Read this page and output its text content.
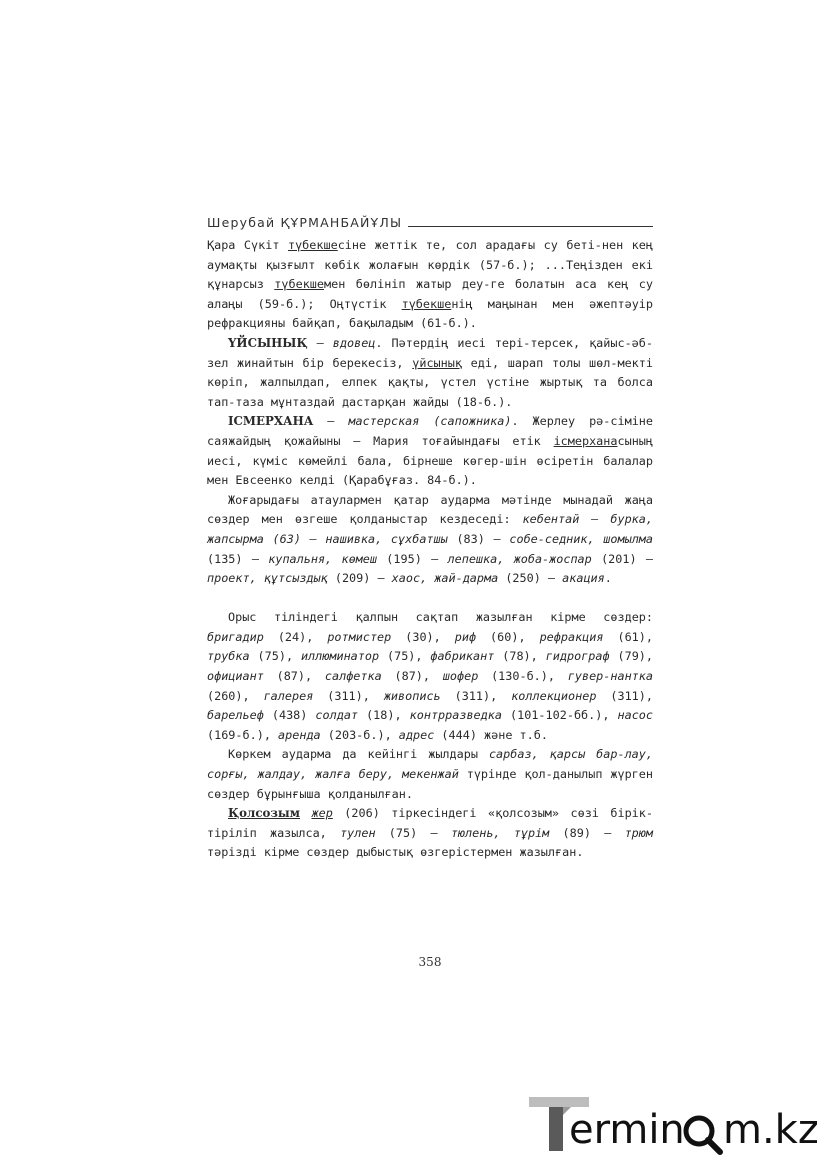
Шерубай ҚҰРМАНБАЙҰЛЫ

Қара Сүкіт түбекшесіне жеттік те, сол арадағы су беті-нен кең аумақты қызғылт көбік жолағын көрдік (57-б.); ...Теңізден екі құнарсыз түбекшемен бөлініп жатыр деу-ге болатын аса кең су алаңы (59-б.); Оңтүстік түбекшенің маңынан мен әжептәуір рефракцияны байқап, бақыладым (61-б.).

ҮЙСЫНЫҚ – вдовец. Пәтердің иесі тері-терсек, қайыс-əб-зел жинайтын бір берекесіз, үйсынық еді, шарап толы шөл-мекті көріп, жалпылдап, елпек қақты, үстел үстіне жыртық та болса тап-таза мұнтаздай дастарқан жайды (18-б.).

ІСМЕРХАНА – мастерская (сапожника). Жерлеу рə-сіміне саяжайдың қожайыны – Мария тоғайындағы етік ісмерханасының иесі, күміс көмейлі бала, бірнеше көгер-шін өсіретін балалар мен Евсеенко келді (Қарабұғаз. 84-б.).

Жоғарыдағы атаулармен қатар аударма мəтінде мынадай жаңа сөздер мен өзгеше қолданыстар кездеседі: кебентай – бурка, жапсырма (63) – нашивка, сұхбатшы (83) – собе-седник, шомылма (135) – купальня, көмеш (195) – лепешка, жоба-жоспар (201) – проект, құтсыздық (209) – хаос, жай-дарма (250) – акация.

Орыс тіліндегі қалпын сақтап жазылған кірме сөздер: бригадир (24), ротмистер (30), риф (60), рефракция (61), трубка (75), иллюминатор (75), фабрикант (78), гидрограф (79), официант (87), салфетка (87), шофер (130-б.), гувер-нантка (260), галерея (311), живопись (311), коллекционер (311), барельеф (438) солдат (18), контрразведка (101-102-бб.), насос (169-б.), аренда (203-б.), адрес (444) жəне т.б.

Көркем аударма да кейінгі жылдары сарбаз, қарсы бар-лау, сорғы, жалдау, жалға беру, мекенжай түрінде қол-данылып жүрген сөздер бұрынғыша қолданылған.

Қолсозым жер (206) тіркесіндегі «қолсозым» сөзі бірік-тіріліп жазылса, тулен (75) – тюлень, тұрім (89) – трюм тəрізді кірме сөздер дыбыстық өзгерістермен жазылған.

358
ermin m.kz
